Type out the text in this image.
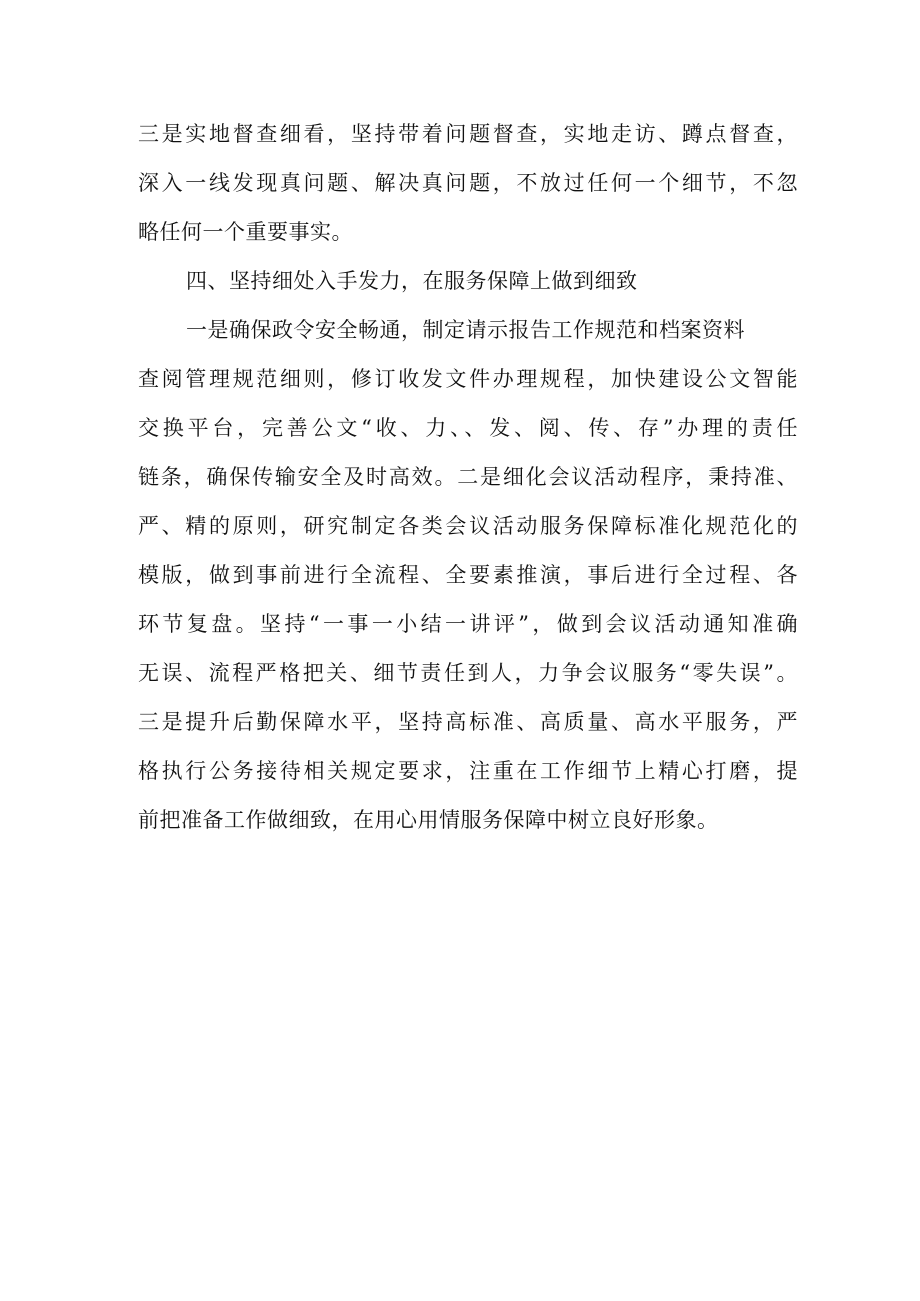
三是实地督查细看，坚持带着问题督查，实地走访、蹲点督查，
深入一线发现真问题、解决真问题，不放过任何一个细节，不忽
略任何一个重要事实。
四、坚持细处入手发力，在服务保障上做到细致
一是确保政令安全畅通，制定请示报告工作规范和档案资料
查阅管理规范细则，修订收发文件办理规程，加快建设公文智能
交换平台，完善公文“收、力、、发、阅、传、存”办理的责任
链条，确保传输安全及时高效。二是细化会议活动程序，秉持准、
严、精的原则，研究制定各类会议活动服务保障标准化规范化的
模版，做到事前进行全流程、全要素推演，事后进行全过程、各
环节复盘。坚持“一事一小结一讲评”，做到会议活动通知准确
无误、流程严格把关、细节责任到人，力争会议服务“零失误”。
三是提升后勤保障水平，坚持高标准、高质量、高水平服务，严
格执行公务接待相关规定要求，注重在工作细节上精心打磨，提
前把准备工作做细致，在用心用情服务保障中树立良好形象。
